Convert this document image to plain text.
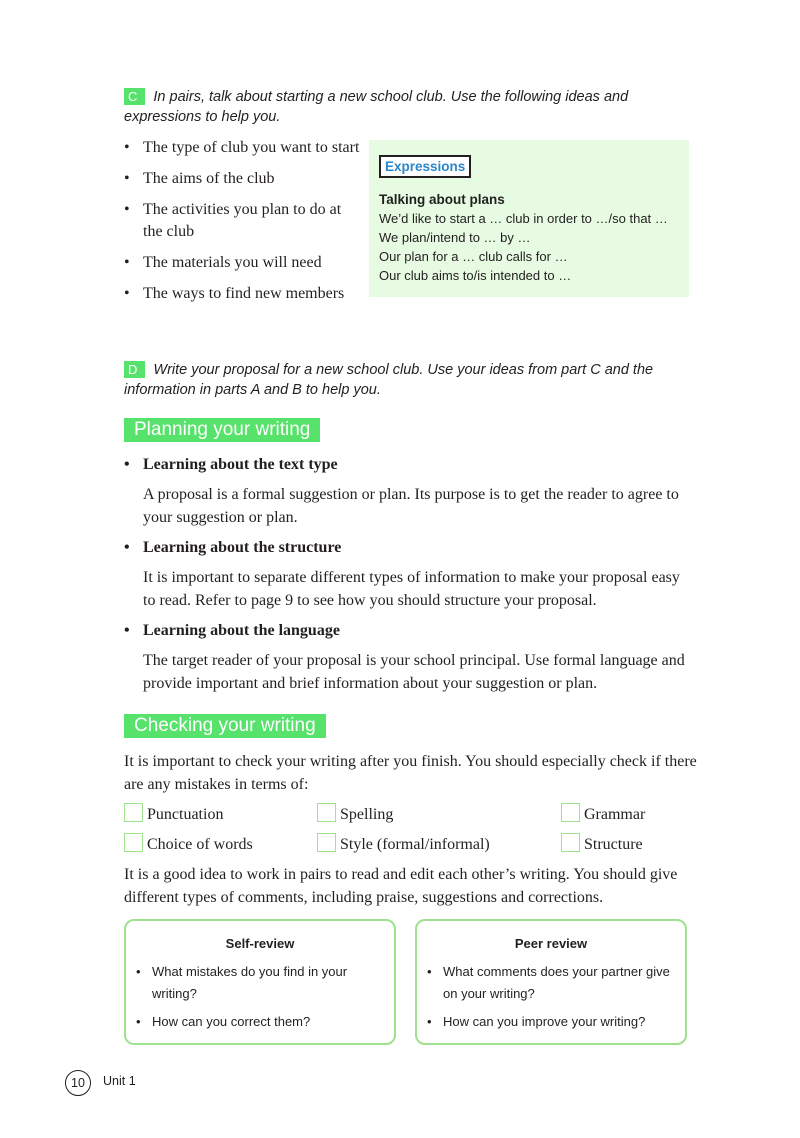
C In pairs, talk about starting a new school club. Use the following ideas and expressions to help you.
• The type of club you want to start
• The aims of the club
• The activities you plan to do at the club
• The materials you will need
• The ways to find new members
Expressions
Talking about plans
We’d like to start a … club in order to …/so that …
We plan/intend to … by …
Our plan for a … club calls for …
Our club aims to/is intended to …
D Write your proposal for a new school club. Use your ideas from part C and the information in parts A and B to help you.
Planning your writing
• Learning about the text type
A proposal is a formal suggestion or plan. Its purpose is to get the reader to agree to your suggestion or plan.
• Learning about the structure
It is important to separate different types of information to make your proposal easy to read. Refer to page 9 to see how you should structure your proposal.
• Learning about the language
The target reader of your proposal is your school principal. Use formal language and provide important and brief information about your suggestion or plan.
Checking your writing
It is important to check your writing after you finish. You should especially check if there are any mistakes in terms of:
Punctuation	Spelling	Grammar
Choice of words	Style (formal/informal)	Structure
It is a good idea to work in pairs to read and edit each other’s writing. You should give different types of comments, including praise, suggestions and corrections.
Self-review
• What mistakes do you find in your writing?
• How can you correct them?
Peer review
• What comments does your partner give on your writing?
• How can you improve your writing?
10	Unit 1
